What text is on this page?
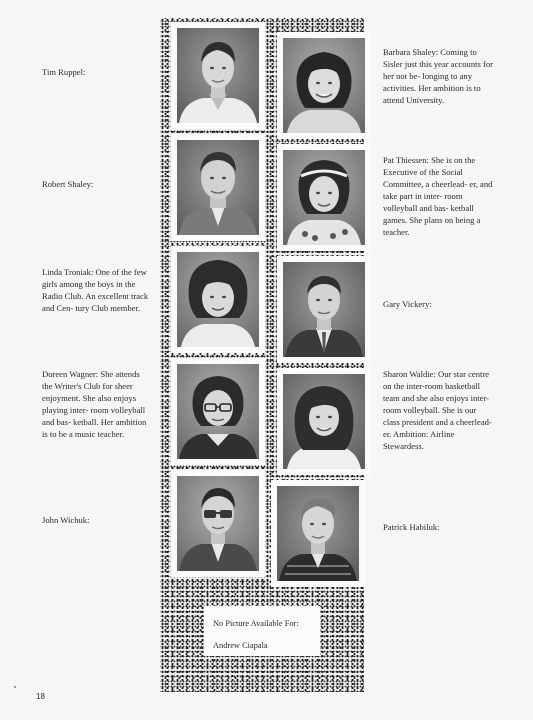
Tim Ruppel:

Robert Shaley:

Linda Troniak: One of the few girls among the boys in the Radio Club. An excellent track and Cen- tury Club member.

Doreen Wagner: She attends the Writer's Club for sheer enjoyment. She also enjoys playing inter- room volleyball and bas- ketball. Her ambition is to be a music teacher.

John Wichuk:

Barbara Shaley: Coming to Sisler just this year accounts for her not be- longing to any activities. Her ambition is to attend University.

Pat Thiessen: She is on the Executive of the Social Committee, a cheerlead- er, and take part in inter- room volleyball and bas- ketball games. She plans on being a teacher.

Gary Vickery:

Sharon Waldie: Our star centre on the inter-room basketball team and she also enjoys inter-room volleyball. She is our class president and a cheerlead- er. Ambition: Airline Stewardess.

Patrick Habiluk:

No Picture Available For:
Andrew Ciapala
18
